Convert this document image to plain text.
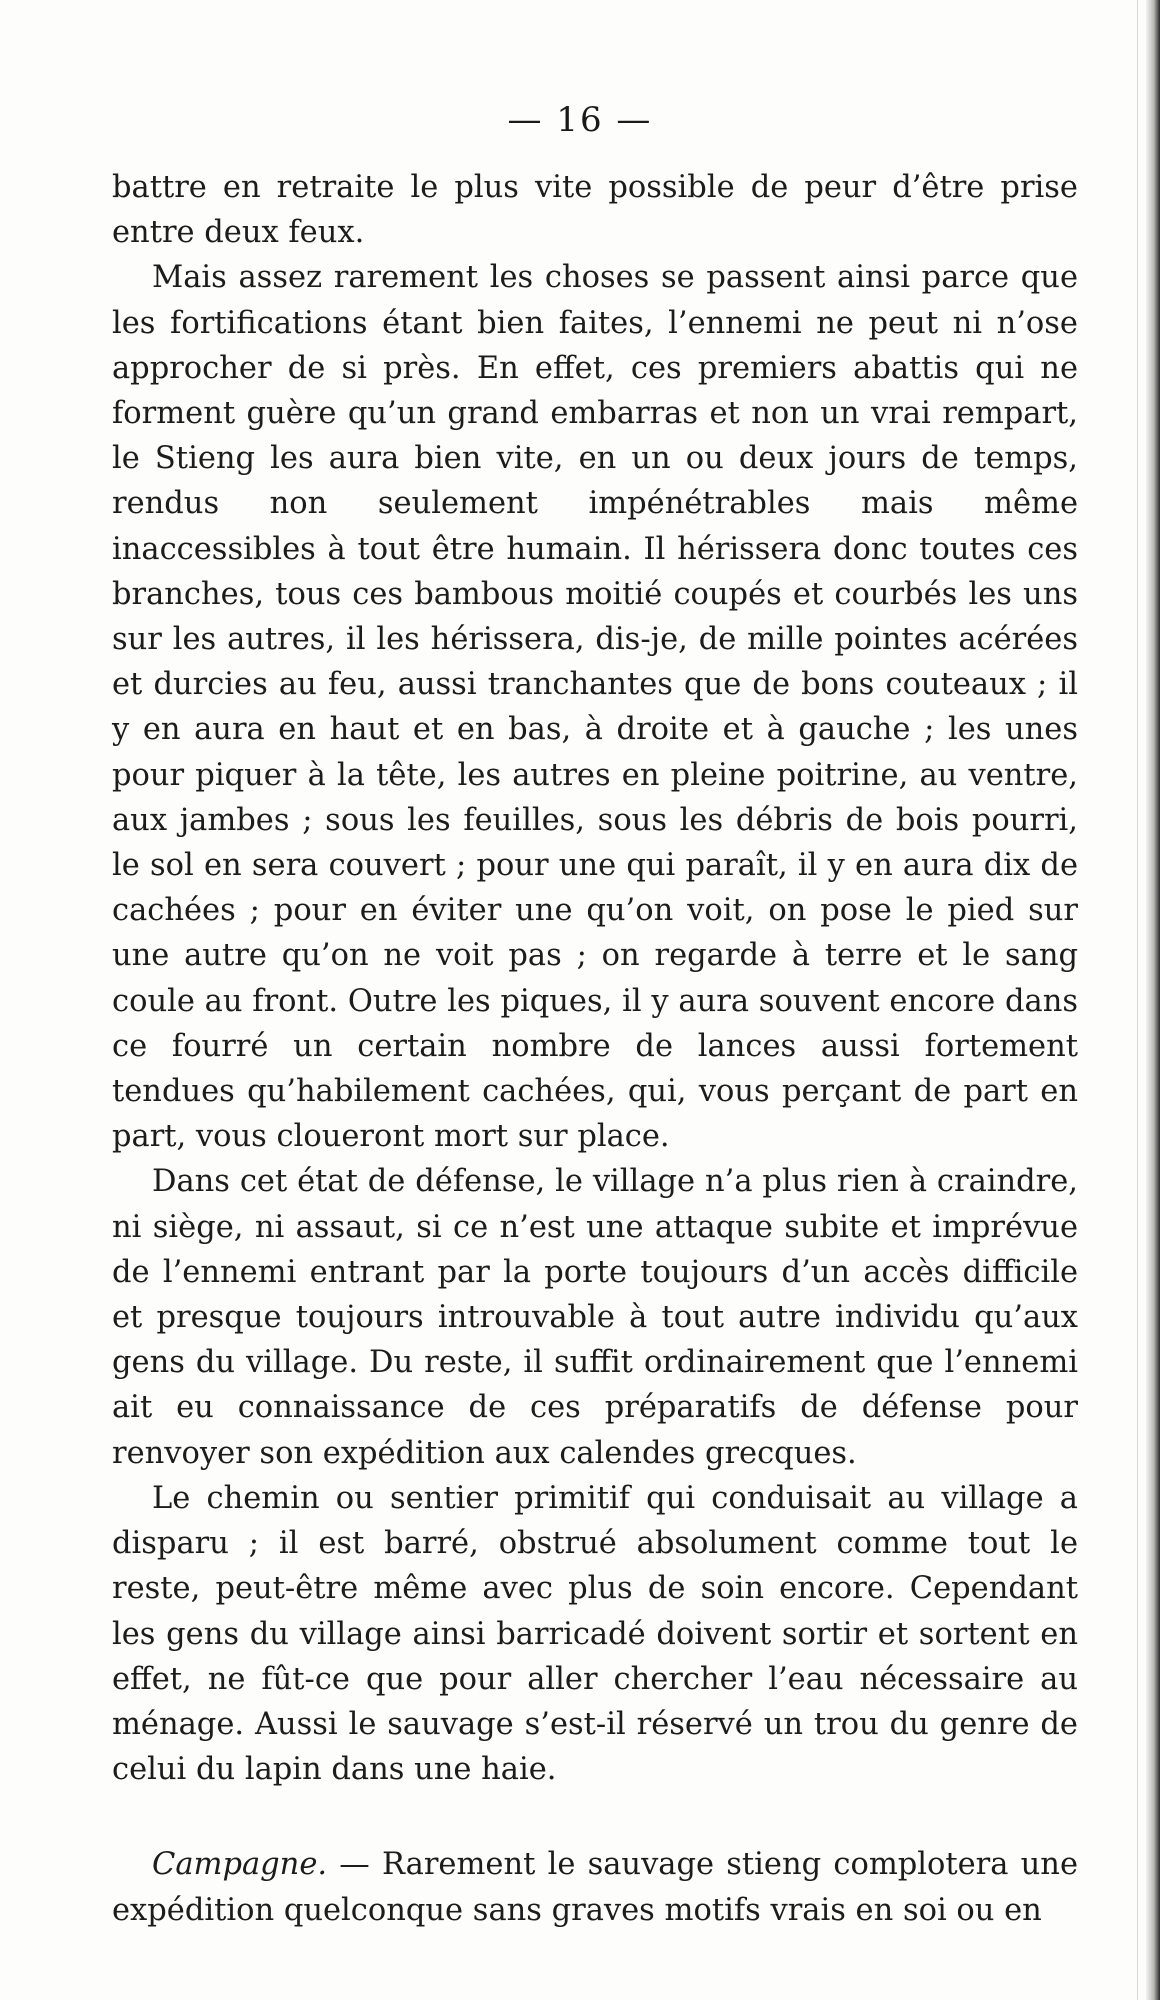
— 16 —

battre en retraite le plus vite possible de peur d’être prise entre deux feux.

Mais assez rarement les choses se passent ainsi parce que les fortifications étant bien faites, l’ennemi ne peut ni n’ose approcher de si près. En effet, ces premiers abattis qui ne forment guère qu’un grand embarras et non un vrai rempart, le Stieng les aura bien vite, en un ou deux jours de temps, rendus non seulement impénétrables mais même inaccessibles à tout être humain. Il hérissera donc toutes ces branches, tous ces bambous moitié coupés et courbés les uns sur les autres, il les hérissera, dis-je, de mille pointes acérées et durcies au feu, aussi tranchantes que de bons couteaux ; il y en aura en haut et en bas, à droite et à gauche ; les unes pour piquer à la tête, les autres en pleine poitrine, au ventre, aux jambes ; sous les feuilles, sous les débris de bois pourri, le sol en sera couvert ; pour une qui paraît, il y en aura dix de cachées ; pour en éviter une qu’on voit, on pose le pied sur une autre qu’on ne voit pas ; on regarde à terre et le sang coule au front. Outre les piques, il y aura souvent encore dans ce fourré un certain nombre de lances aussi fortement tendues qu’habilement cachées, qui, vous perçant de part en part, vous cloueront mort sur place.

Dans cet état de défense, le village n’a plus rien à craindre, ni siège, ni assaut, si ce n’est une attaque subite et imprévue de l’ennemi entrant par la porte toujours d’un accès difficile et presque toujours introuvable à tout autre individu qu’aux gens du village. Du reste, il suffit ordinairement que l’ennemi ait eu connaissance de ces préparatifs de défense pour renvoyer son expédition aux calendes grecques.

Le chemin ou sentier primitif qui conduisait au village a disparu ; il est barré, obstrué absolument comme tout le reste, peut-être même avec plus de soin encore. Cependant les gens du village ainsi barricadé doivent sortir et sortent en effet, ne fût-ce que pour aller chercher l’eau nécessaire au ménage. Aussi le sauvage s’est-il réservé un trou du genre de celui du lapin dans une haie.

Campagne. — Rarement le sauvage stieng complotera une expédition quelconque sans graves motifs vrais en soi ou en
